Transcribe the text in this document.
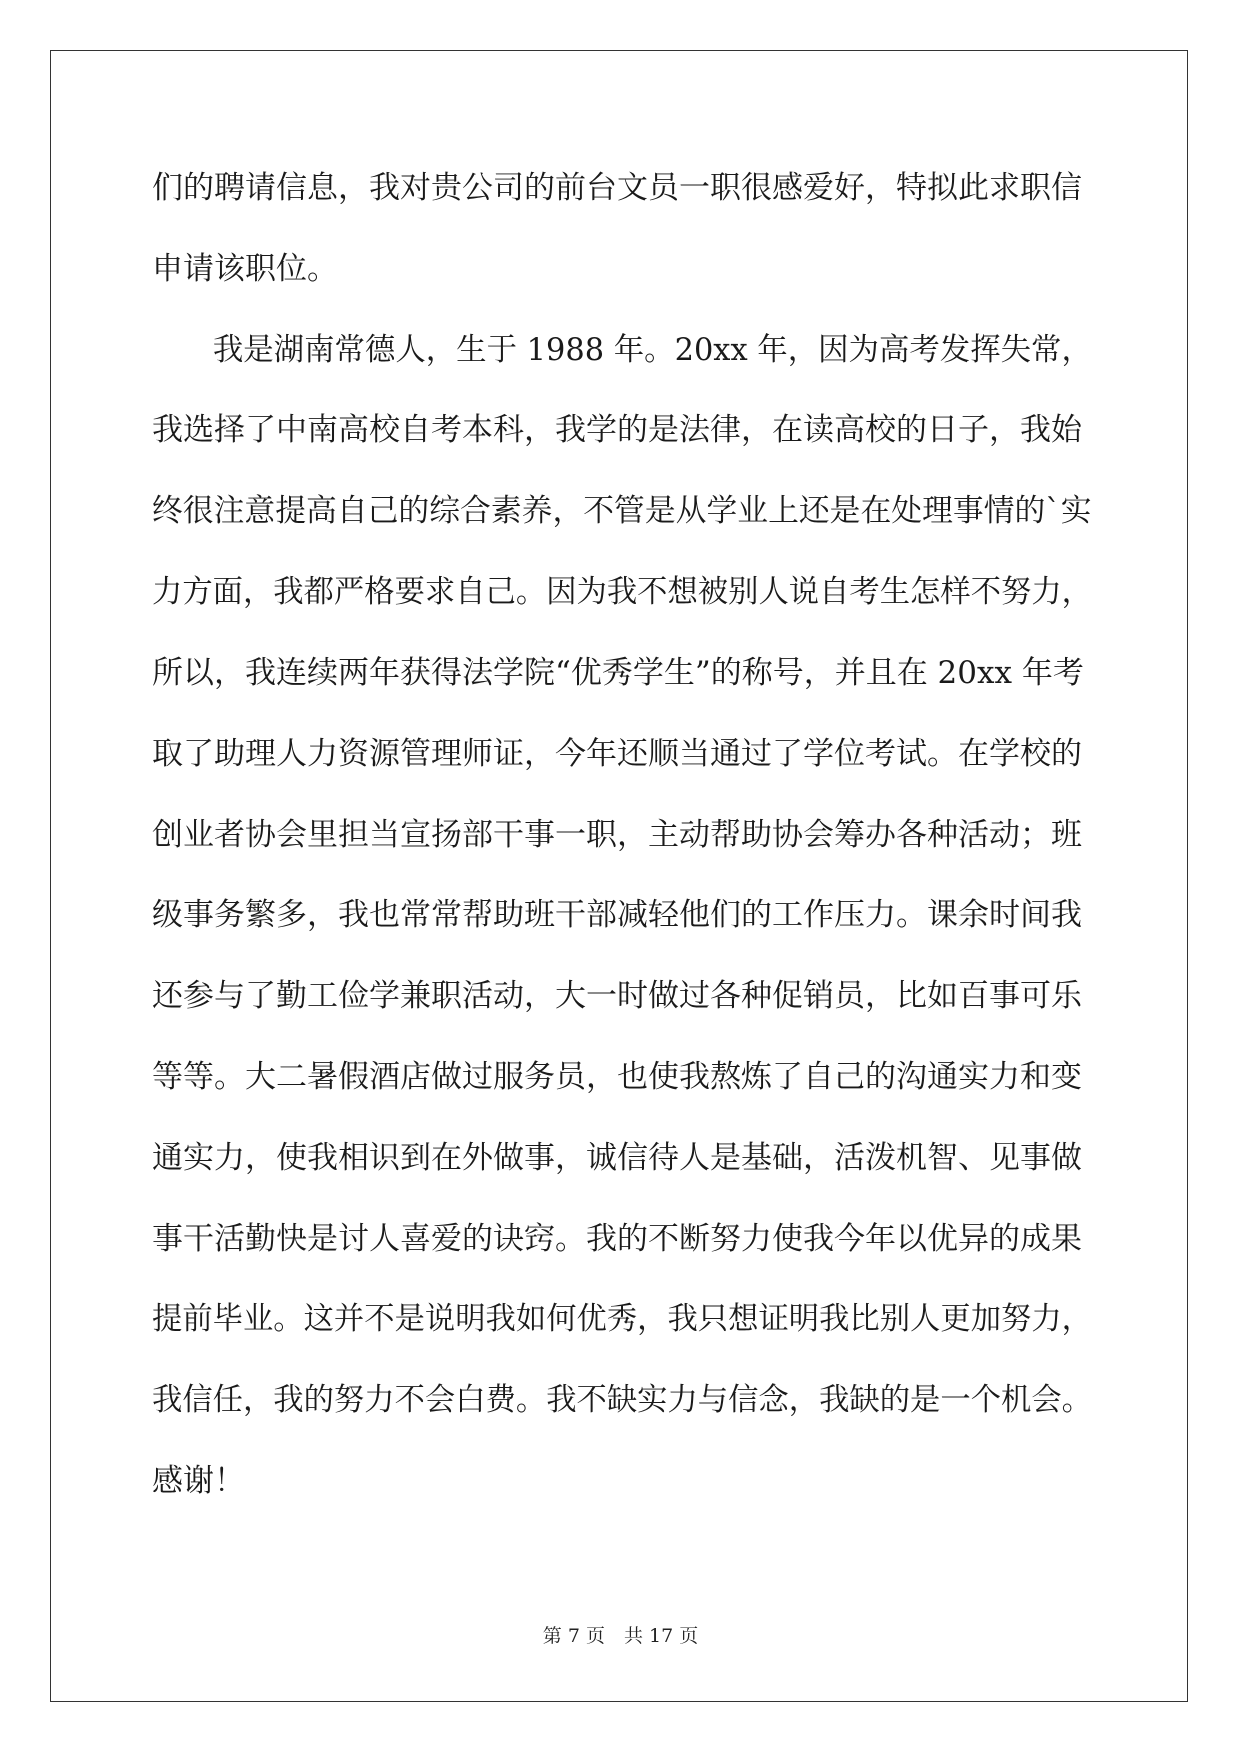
们的聘请信息，我对贵公司的前台文员一职很感爱好，特拟此求职信
申请该职位。
　　我是湖南常德人，生于 1988 年。20xx 年，因为高考发挥失常，
我选择了中南高校自考本科，我学的是法律，在读高校的日子，我始
终很注意提高自己的综合素养，不管是从学业上还是在处理事情的`实
力方面，我都严格要求自己。因为我不想被别人说自考生怎样不努力，
所以，我连续两年获得法学院“优秀学生”的称号，并且在 20xx 年考
取了助理人力资源管理师证，今年还顺当通过了学位考试。在学校的
创业者协会里担当宣扬部干事一职，主动帮助协会筹办各种活动；班
级事务繁多，我也常常帮助班干部减轻他们的工作压力。课余时间我
还参与了勤工俭学兼职活动，大一时做过各种促销员，比如百事可乐
等等。大二暑假酒店做过服务员，也使我熬炼了自己的沟通实力和变
通实力，使我相识到在外做事，诚信待人是基础，活泼机智、见事做
事干活勤快是讨人喜爱的诀窍。我的不断努力使我今年以优异的成果
提前毕业。这并不是说明我如何优秀，我只想证明我比别人更加努力，
我信任，我的努力不会白费。我不缺实力与信念，我缺的是一个机会。
感谢！
第 7 页　共 17 页
